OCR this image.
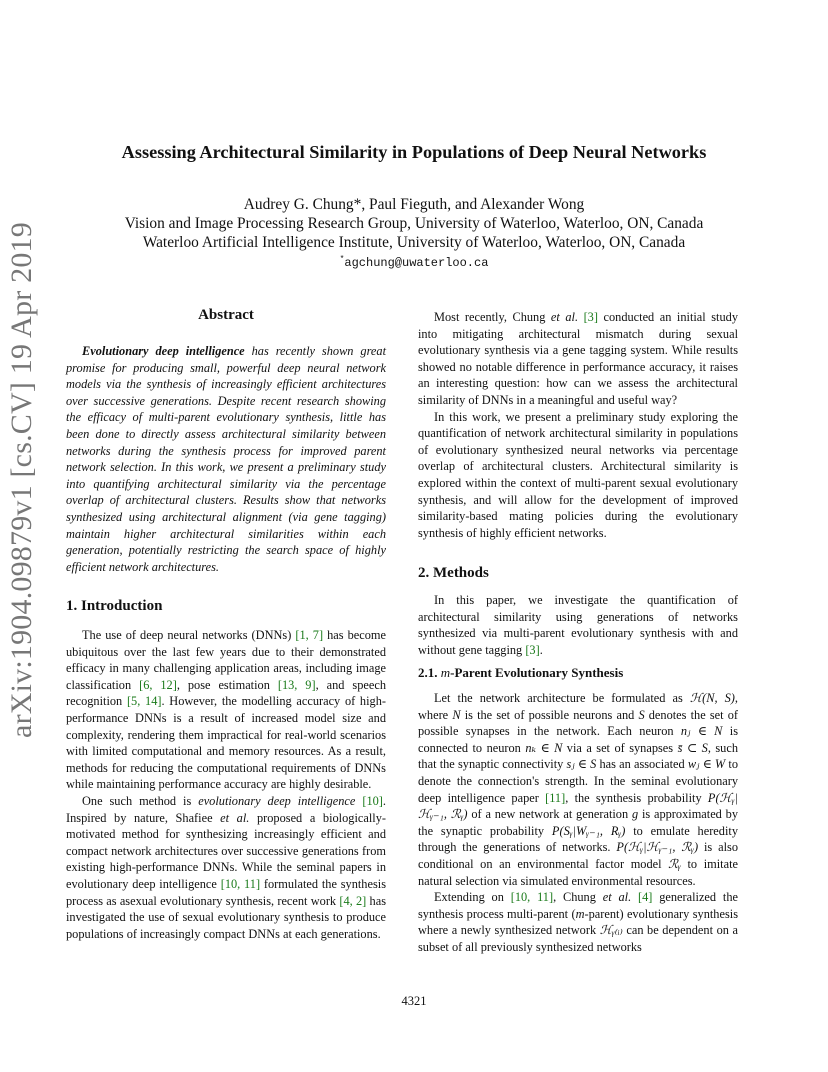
arXiv:1904.09879v1 [cs.CV] 19 Apr 2019
Assessing Architectural Similarity in Populations of Deep Neural Networks
Audrey G. Chung*, Paul Fieguth, and Alexander Wong
Vision and Image Processing Research Group, University of Waterloo, Waterloo, ON, Canada
Waterloo Artificial Intelligence Institute, University of Waterloo, Waterloo, ON, Canada
*agchung@uwaterloo.ca
Abstract

Evolutionary deep intelligence has recently shown great promise for producing small, powerful deep neural network models via the synthesis of increasingly efficient architectures over successive generations. Despite recent research showing the efficacy of multi-parent evolutionary synthesis, little has been done to directly assess architectural similarity between networks during the synthesis process for improved parent network selection. In this work, we present a preliminary study into quantifying architectural similarity via the percentage overlap of architectural clusters. Results show that networks synthesized using architectural alignment (via gene tagging) maintain higher architectural similarities within each generation, potentially restricting the search space of highly efficient network architectures.

1. Introduction

The use of deep neural networks (DNNs) [1, 7] has become ubiquitous over the last few years due to their demonstrated efficacy in many challenging application areas, including image classification [6, 12], pose estimation [13, 9], and speech recognition [5, 14]. However, the modelling accuracy of high-performance DNNs is a result of increased model size and complexity, rendering them impractical for real-world scenarios with limited computational and memory resources. As a result, methods for reducing the computational requirements of DNNs while maintaining performance accuracy are highly desirable.

One such method is evolutionary deep intelligence [10]. Inspired by nature, Shafiee et al. proposed a biologically-motivated method for synthesizing increasingly efficient and compact network architectures over successive generations from existing high-performance DNNs. While the seminal papers in evolutionary deep intelligence [10, 11] formulated the synthesis process as asexual evolutionary synthesis, recent work [4, 2] has investigated the use of sexual evolutionary synthesis to produce populations of increasingly compact DNNs at each generations.

Most recently, Chung et al. [3] conducted an initial study into mitigating architectural mismatch during sexual evolutionary synthesis via a gene tagging system. While results showed no notable difference in performance accuracy, it raises an interesting question: how can we assess the architectural similarity of DNNs in a meaningful and useful way?

In this work, we present a preliminary study exploring the quantification of network architectural similarity in populations of evolutionary synthesized neural networks via percentage overlap of architectural clusters. Architectural similarity is explored within the context of multi-parent sexual evolutionary synthesis, and will allow for the development of improved similarity-based mating policies during the evolutionary synthesis of highly efficient networks.

2. Methods

In this paper, we investigate the quantification of architectural similarity using generations of networks synthesized via multi-parent evolutionary synthesis with and without gene tagging [3].

2.1. m-Parent Evolutionary Synthesis

Let the network architecture be formulated as ℋ(N, S), where N is the set of possible neurons and S denotes the set of possible synapses in the network. Each neuron nⱼ ∈ N is connected to neuron nₖ ∈ N via a set of synapses s̄ ⊂ S, such that the synaptic connectivity sⱼ ∈ S has an associated wⱼ ∈ W to denote the connection's strength. In the seminal evolutionary deep intelligence paper [11], the synthesis probability P(ℋᵧ|ℋᵧ₋₁, ℛᵧ) of a new network at generation g is approximated by the synaptic probability P(Sᵧ|Wᵧ₋₁, Rᵧ) to emulate heredity through the generations of networks. P(ℋᵧ|ℋᵧ₋₁, ℛᵧ) is also conditional on an environmental factor model ℛᵧ to imitate natural selection via simulated environmental resources.

Extending on [10, 11], Chung et al. [4] generalized the synthesis process multi-parent (m-parent) evolutionary synthesis where a newly synthesized network ℋᵧ₍ᵢ₎ can be dependent on a subset of all previously synthesized networks

4321
